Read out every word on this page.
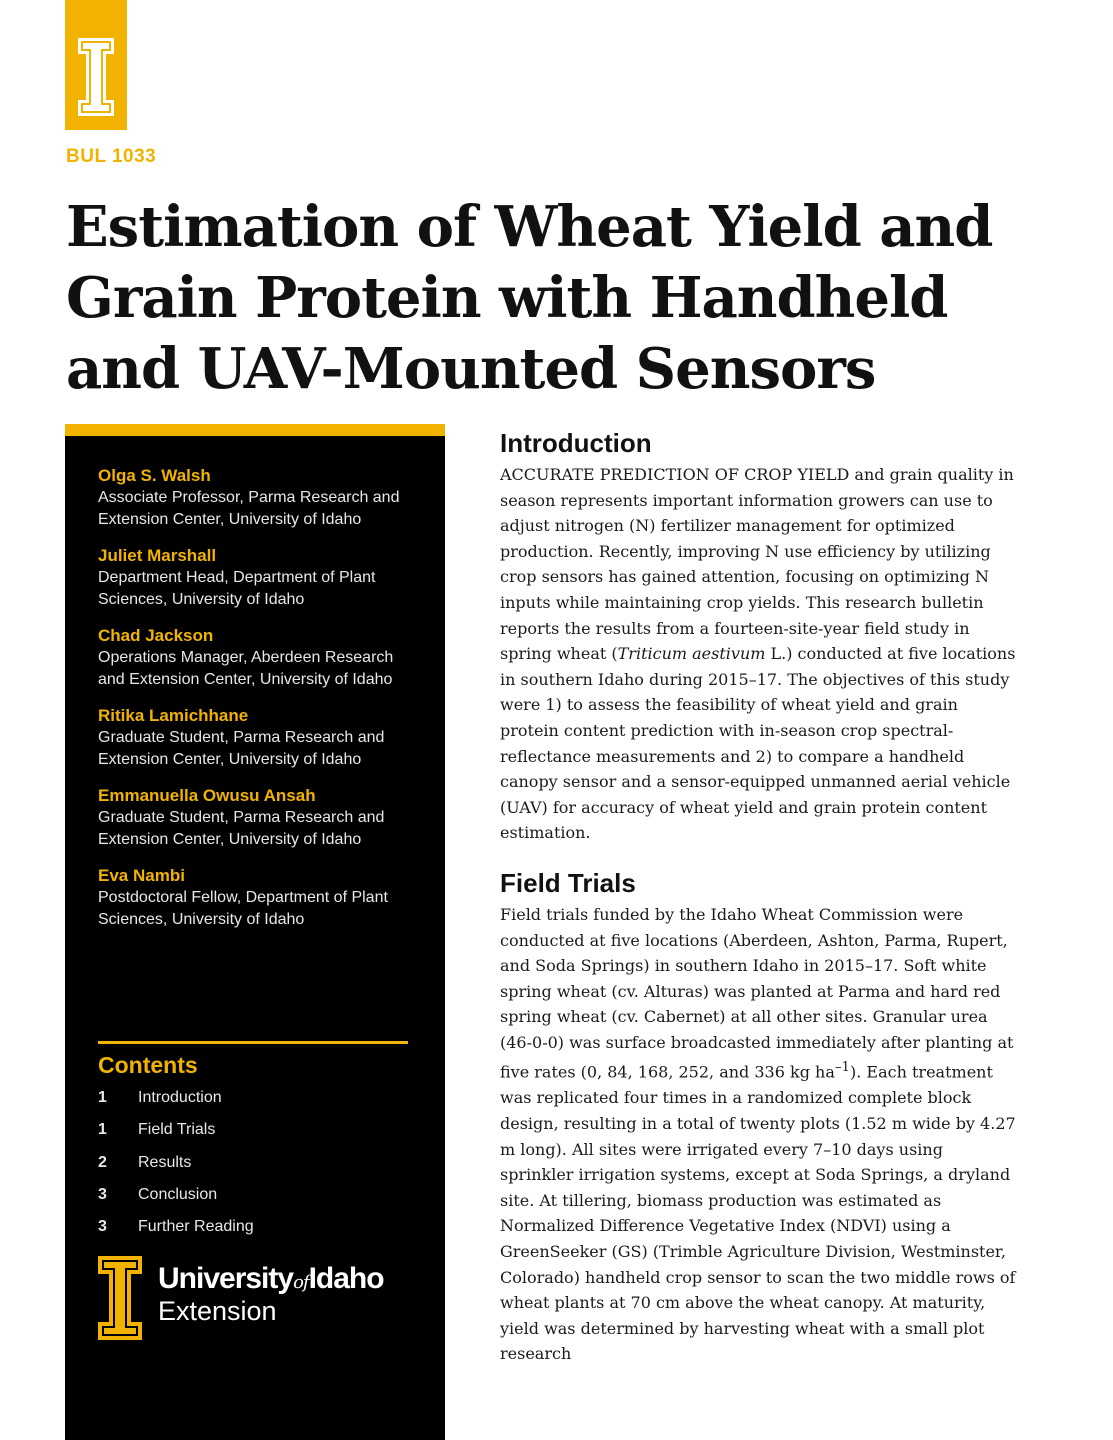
BUL 1033
Estimation of Wheat Yield and Grain Protein with Handheld and UAV-Mounted Sensors
Olga S. Walsh
Associate Professor, Parma Research and Extension Center, University of Idaho
Juliet Marshall
Department Head, Department of Plant Sciences, University of Idaho
Chad Jackson
Operations Manager, Aberdeen Research and Extension Center, University of Idaho
Ritika Lamichhane
Graduate Student, Parma Research and Extension Center, University of Idaho
Emmanuella Owusu Ansah
Graduate Student, Parma Research and Extension Center, University of Idaho
Eva Nambi
Postdoctoral Fellow, Department of Plant Sciences, University of Idaho
Contents
1 Introduction
1 Field Trials
2 Results
3 Conclusion
3 Further Reading
UniversityofIdaho
Extension
Introduction

ACCURATE PREDICTION OF CROP YIELD and grain quality in season represents important information growers can use to adjust nitrogen (N) fertilizer management for optimized production. Recently, improving N use efficiency by utilizing crop sensors has gained attention, focusing on optimizing N inputs while maintaining crop yields. This research bulletin reports the results from a fourteen-site-year field study in spring wheat (Triticum aestivum L.) conducted at five locations in southern Idaho during 2015–17. The objectives of this study were 1) to assess the feasibility of wheat yield and grain protein content prediction with in-season crop spectral-reflectance measurements and 2) to compare a handheld canopy sensor and a sensor-equipped unmanned aerial vehicle (UAV) for accuracy of wheat yield and grain protein content estimation.

Field Trials

Field trials funded by the Idaho Wheat Commission were conducted at five locations (Aberdeen, Ashton, Parma, Rupert, and Soda Springs) in southern Idaho in 2015–17. Soft white spring wheat (cv. Alturas) was planted at Parma and hard red spring wheat (cv. Cabernet) at all other sites. Granular urea (46-0-0) was surface broadcasted immediately after planting at five rates (0, 84, 168, 252, and 336 kg $ha^{-1}$). Each treatment was replicated four times in a randomized complete block design, resulting in a total of twenty plots (1.52 m wide by 4.27 m long). All sites were irrigated every 7–10 days using sprinkler irrigation systems, except at Soda Springs, a dryland site. At tillering, biomass production was estimated as Normalized Difference Vegetative Index (NDVI) using a GreenSeeker (GS) (Trimble Agriculture Division, Westminster, Colorado) handheld crop sensor to scan the two middle rows of wheat plants at 70 cm above the wheat canopy. At maturity, yield was determined by harvesting wheat with a small plot research
